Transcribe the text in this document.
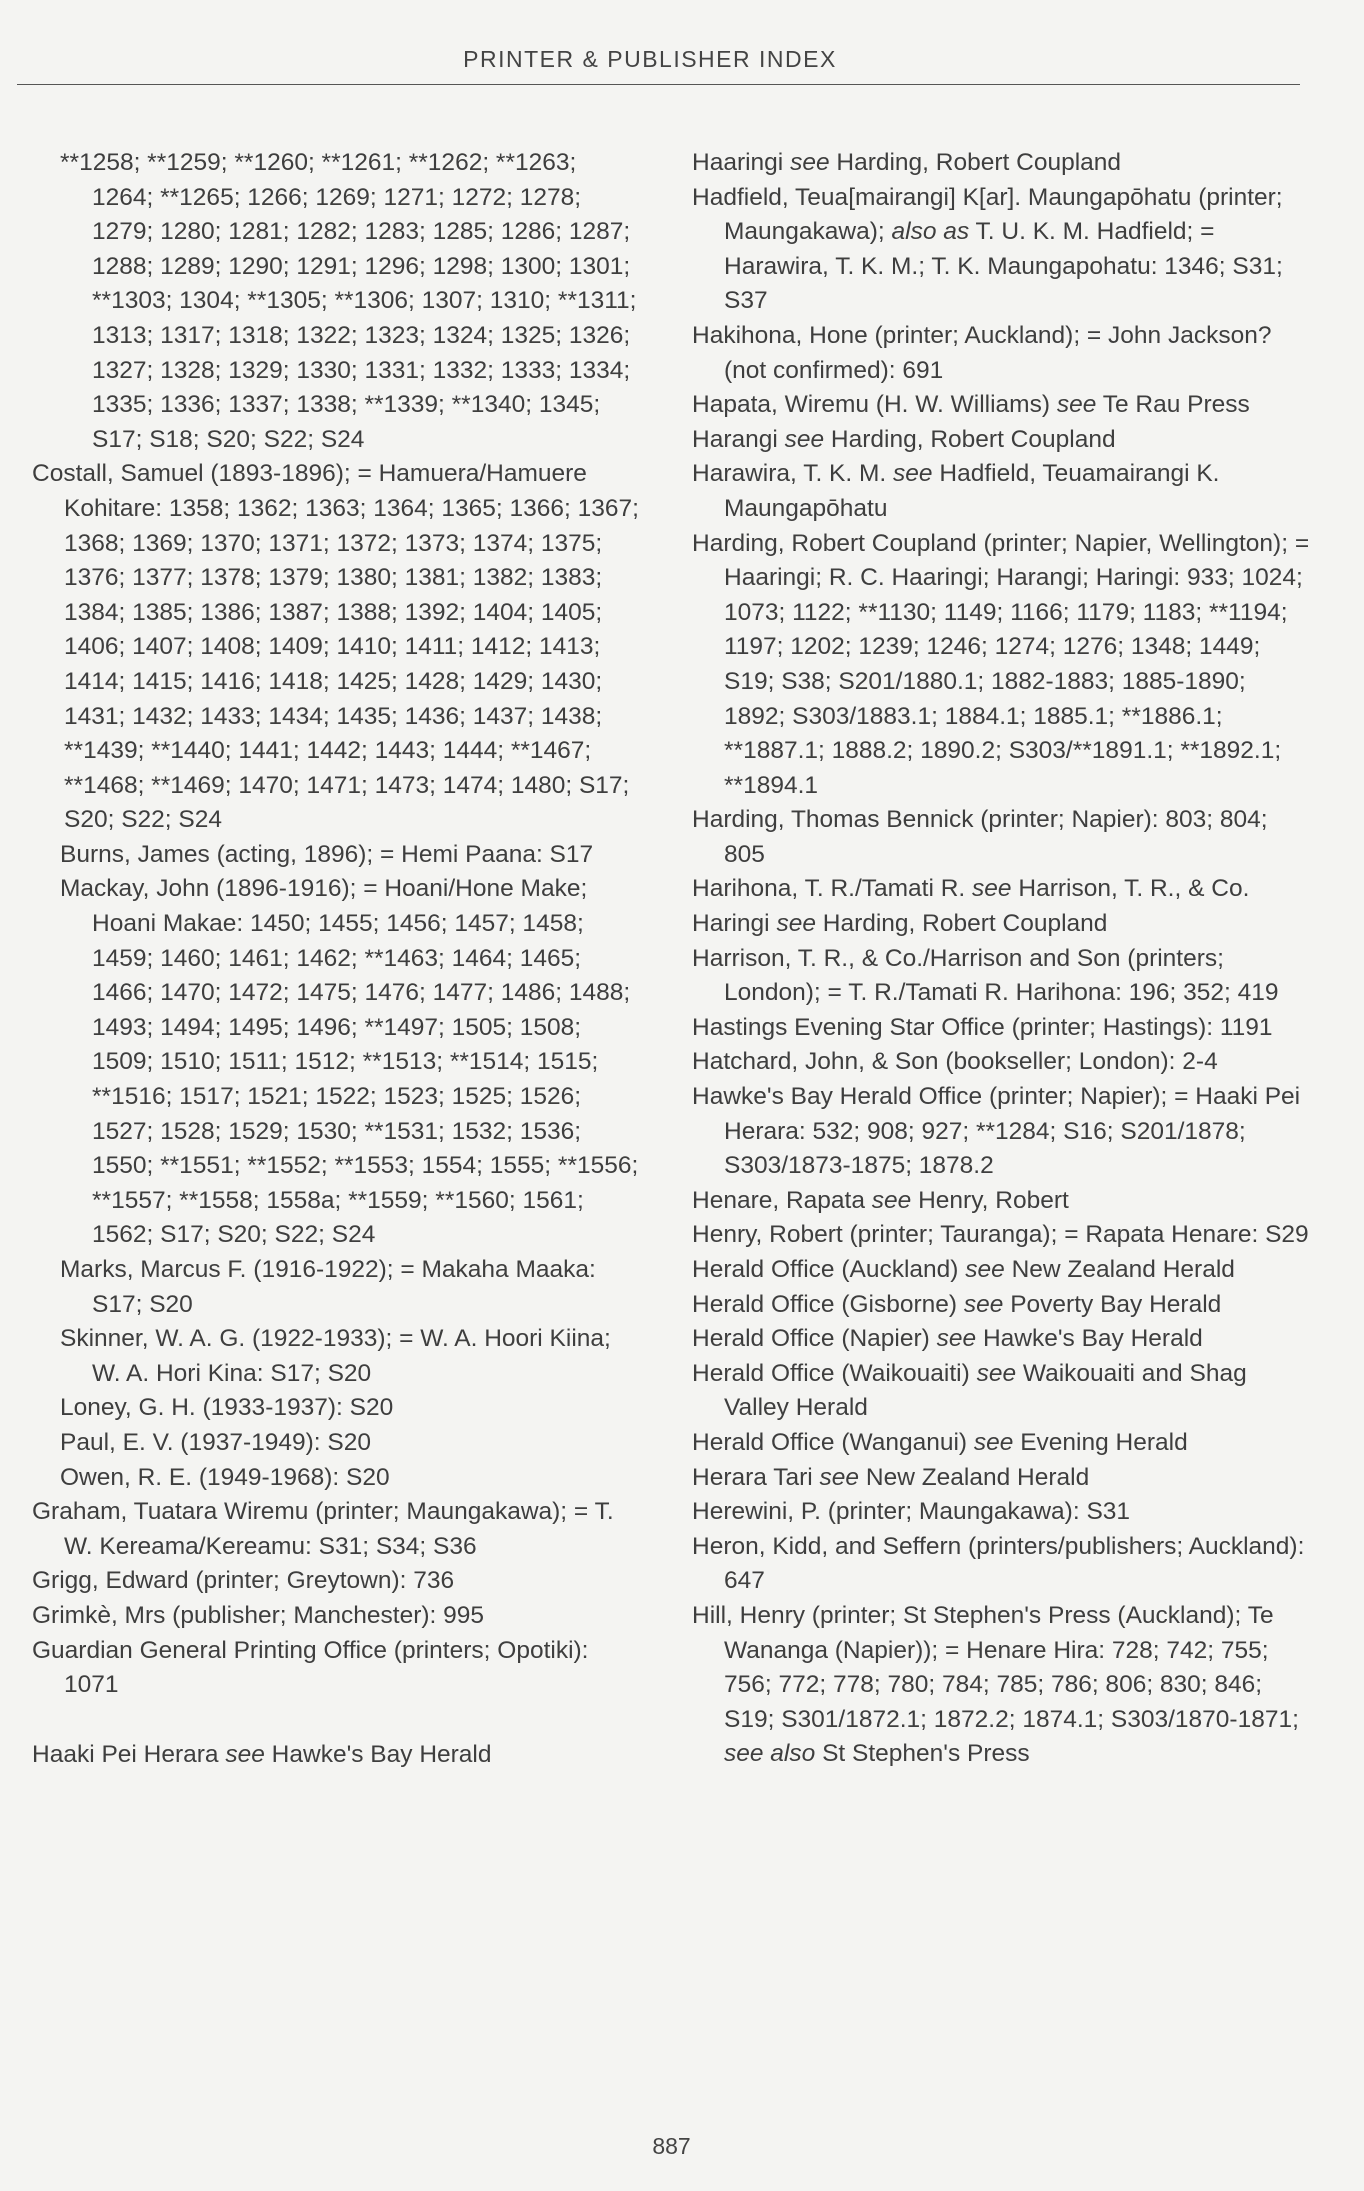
PRINTER & PUBLISHER INDEX
**1258; **1259; **1260; **1261; **1262; **1263; 1264; **1265; 1266; 1269; 1271; 1272; 1278; 1279; 1280; 1281; 1282; 1283; 1285; 1286; 1287; 1288; 1289; 1290; 1291; 1296; 1298; 1300; 1301; **1303; 1304; **1305; **1306; 1307; 1310; **1311; 1313; 1317; 1318; 1322; 1323; 1324; 1325; 1326; 1327; 1328; 1329; 1330; 1331; 1332; 1333; 1334; 1335; 1336; 1337; 1338; **1339; **1340; 1345; S17; S18; S20; S22; S24
Costall, Samuel (1893-1896); = Hamuera/Hamuere Kohitare: 1358; 1362; 1363; 1364; 1365; 1366; 1367; 1368; 1369; 1370; 1371; 1372; 1373; 1374; 1375; 1376; 1377; 1378; 1379; 1380; 1381; 1382; 1383; 1384; 1385; 1386; 1387; 1388; 1392; 1404; 1405; 1406; 1407; 1408; 1409; 1410; 1411; 1412; 1413; 1414; 1415; 1416; 1418; 1425; 1428; 1429; 1430; 1431; 1432; 1433; 1434; 1435; 1436; 1437; 1438; **1439; **1440; 1441; 1442; 1443; 1444; **1467; **1468; **1469; 1470; 1471; 1473; 1474; 1480; S17; S20; S22; S24
Burns, James (acting, 1896); = Hemi Paana: S17
Mackay, John (1896-1916); = Hoani/Hone Make; Hoani Makae: 1450; 1455; 1456; 1457; 1458; 1459; 1460; 1461; 1462; **1463; 1464; 1465; 1466; 1470; 1472; 1475; 1476; 1477; 1486; 1488; 1493; 1494; 1495; 1496; **1497; 1505; 1508; 1509; 1510; 1511; 1512; **1513; **1514; 1515; **1516; 1517; 1521; 1522; 1523; 1525; 1526; 1527; 1528; 1529; 1530; **1531; 1532; 1536; 1550; **1551; **1552; **1553; 1554; 1555; **1556; **1557; **1558; 1558a; **1559; **1560; 1561; 1562; S17; S20; S22; S24
Marks, Marcus F. (1916-1922); = Makaha Maaka: S17; S20
Skinner, W. A. G. (1922-1933); = W. A. Hoori Kiina; W. A. Hori Kina: S17; S20
Loney, G. H. (1933-1937): S20
Paul, E. V. (1937-1949): S20
Owen, R. E. (1949-1968): S20
Graham, Tuatara Wiremu (printer; Maungakawa); = T. W. Kereama/Kereamu: S31; S34; S36
Grigg, Edward (printer; Greytown): 736
Grimkè, Mrs (publisher; Manchester): 995
Guardian General Printing Office (printers; Opotiki): 1071
Haaki Pei Herara see Hawke's Bay Herald
Haaringi see Harding, Robert Coupland
Hadfield, Teua[mairangi] K[ar]. Maungapōhatu (printer; Maungakawa); also as T. U. K. M. Hadfield; = Harawira, T. K. M.; T. K. Maungapohatu: 1346; S31; S37
Hakihona, Hone (printer; Auckland); = John Jackson? (not confirmed): 691
Hapata, Wiremu (H. W. Williams) see Te Rau Press
Harangi see Harding, Robert Coupland
Harawira, T. K. M. see Hadfield, Teuamairangi K. Maungapōhatu
Harding, Robert Coupland (printer; Napier, Wellington); = Haaringi; R. C. Haaringi; Harangi; Haringi: 933; 1024; 1073; 1122; **1130; 1149; 1166; 1179; 1183; **1194; 1197; 1202; 1239; 1246; 1274; 1276; 1348; 1449; S19; S38; S201/1880.1; 1882-1883; 1885-1890; 1892; S303/1883.1; 1884.1; 1885.1; **1886.1; **1887.1; 1888.2; 1890.2; S303/**1891.1; **1892.1; **1894.1
Harding, Thomas Bennick (printer; Napier): 803; 804; 805
Harihona, T. R./Tamati R. see Harrison, T. R., & Co.
Haringi see Harding, Robert Coupland
Harrison, T. R., & Co./Harrison and Son (printers; London); = T. R./Tamati R. Harihona: 196; 352; 419
Hastings Evening Star Office (printer; Hastings): 1191
Hatchard, John, & Son (bookseller; London): 2-4
Hawke's Bay Herald Office (printer; Napier); = Haaki Pei Herara: 532; 908; 927; **1284; S16; S201/1878; S303/1873-1875; 1878.2
Henare, Rapata see Henry, Robert
Henry, Robert (printer; Tauranga); = Rapata Henare: S29
Herald Office (Auckland) see New Zealand Herald
Herald Office (Gisborne) see Poverty Bay Herald
Herald Office (Napier) see Hawke's Bay Herald
Herald Office (Waikouaiti) see Waikouaiti and Shag Valley Herald
Herald Office (Wanganui) see Evening Herald
Herara Tari see New Zealand Herald
Herewini, P. (printer; Maungakawa): S31
Heron, Kidd, and Seffern (printers/publishers; Auckland): 647
Hill, Henry (printer; St Stephen's Press (Auckland); Te Wananga (Napier)); = Henare Hira: 728; 742; 755; 756; 772; 778; 780; 784; 785; 786; 806; 830; 846; S19; S301/1872.1; 1872.2; 1874.1; S303/1870-1871; see also St Stephen's Press
887
